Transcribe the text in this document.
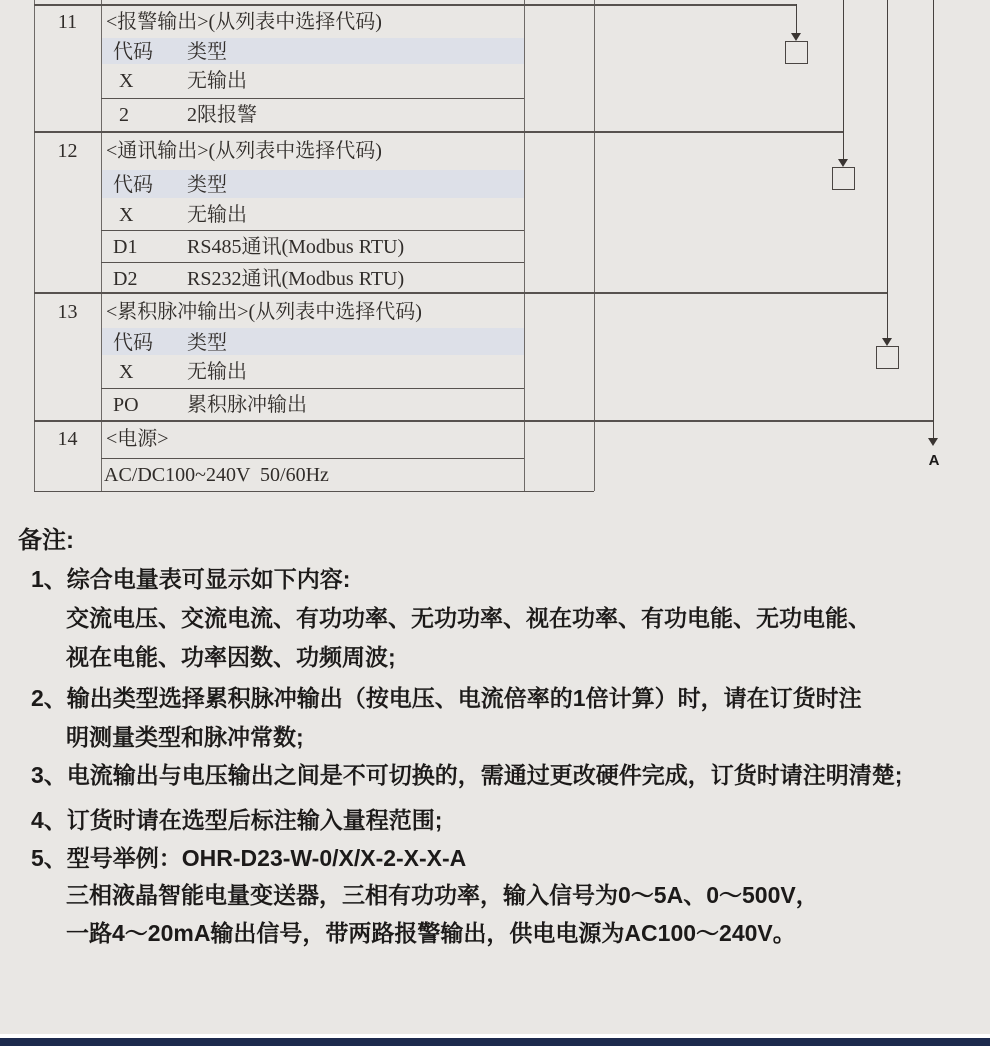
A
11	<报警输出>(从列表中选择代码)
代码 类型
X	无输出
2	2限报警
12	<通讯输出>(从列表中选择代码)
代码 类型
X	无输出
D1 RS485通讯(Modbus RTU)
D2 RS232通讯(Modbus RTU)
13	<累积脉冲输出>(从列表中选择代码)
代码 类型
X	无输出
PO 累积脉冲输出
14	<电源>
AC/DC100~240V  50/60Hz
备注:
1、综合电量表可显示如下内容:
交流电压、交流电流、有功功率、无功功率、视在功率、有功电能、无功电能、
视在电能、功率因数、功频周波;
2、输出类型选择累积脉冲输出（按电压、电流倍率的1倍计算）时，请在订货时注
明测量类型和脉冲常数;
3、电流输出与电压输出之间是不可切换的，需通过更改硬件完成，订货时请注明清楚;
4、订货时请在选型后标注输入量程范围;
5、型号举例：OHR-D23-W-0/X/X-2-X-X-A
三相液晶智能电量变送器，三相有功功率，输入信号为0～5A、0～500V，
一路4～20mA输出信号，带两路报警输出，供电电源为AC100～240V。
